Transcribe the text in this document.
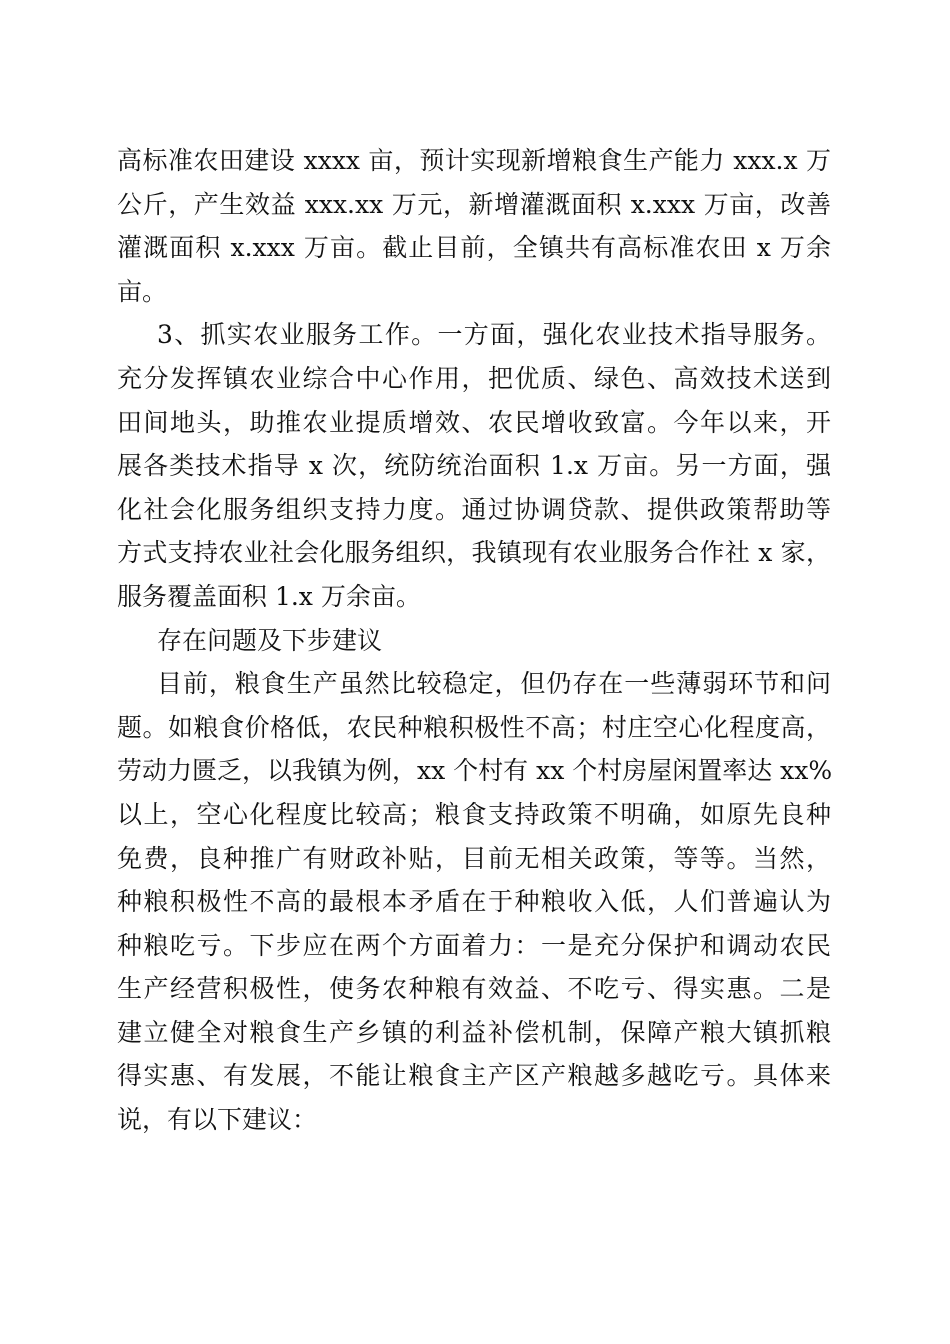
高标准农田建设 xxxx 亩，预计实现新增粮食生产能力 xxx.x 万
公斤，产生效益 xxx.xx 万元，新增灌溉面积 x.xxx 万亩，改善
灌溉面积 x.xxx 万亩。截止目前，全镇共有高标准农田 x 万余
亩。

3、抓实农业服务工作。一方面，强化农业技术指导服务。
充分发挥镇农业综合中心作用，把优质、绿色、高效技术送到
田间地头，助推农业提质增效、农民增收致富。今年以来，开
展各类技术指导 x 次，统防统治面积 1.x 万亩。另一方面，强
化社会化服务组织支持力度。通过协调贷款、提供政策帮助等
方式支持农业社会化服务组织，我镇现有农业服务合作社 x 家，
服务覆盖面积 1.x 万余亩。

存在问题及下步建议

目前，粮食生产虽然比较稳定，但仍存在一些薄弱环节和问
题。如粮食价格低，农民种粮积极性不高；村庄空心化程度高，
劳动力匮乏，以我镇为例，xx 个村有 xx 个村房屋闲置率达 xx%
以上，空心化程度比较高；粮食支持政策不明确，如原先良种
免费，良种推广有财政补贴，目前无相关政策，等等。当然，
种粮积极性不高的最根本矛盾在于种粮收入低，人们普遍认为
种粮吃亏。下步应在两个方面着力：一是充分保护和调动农民
生产经营积极性，使务农种粮有效益、不吃亏、得实惠。二是
建立健全对粮食生产乡镇的利益补偿机制，保障产粮大镇抓粮
得实惠、有发展，不能让粮食主产区产粮越多越吃亏。具体来
说，有以下建议：
